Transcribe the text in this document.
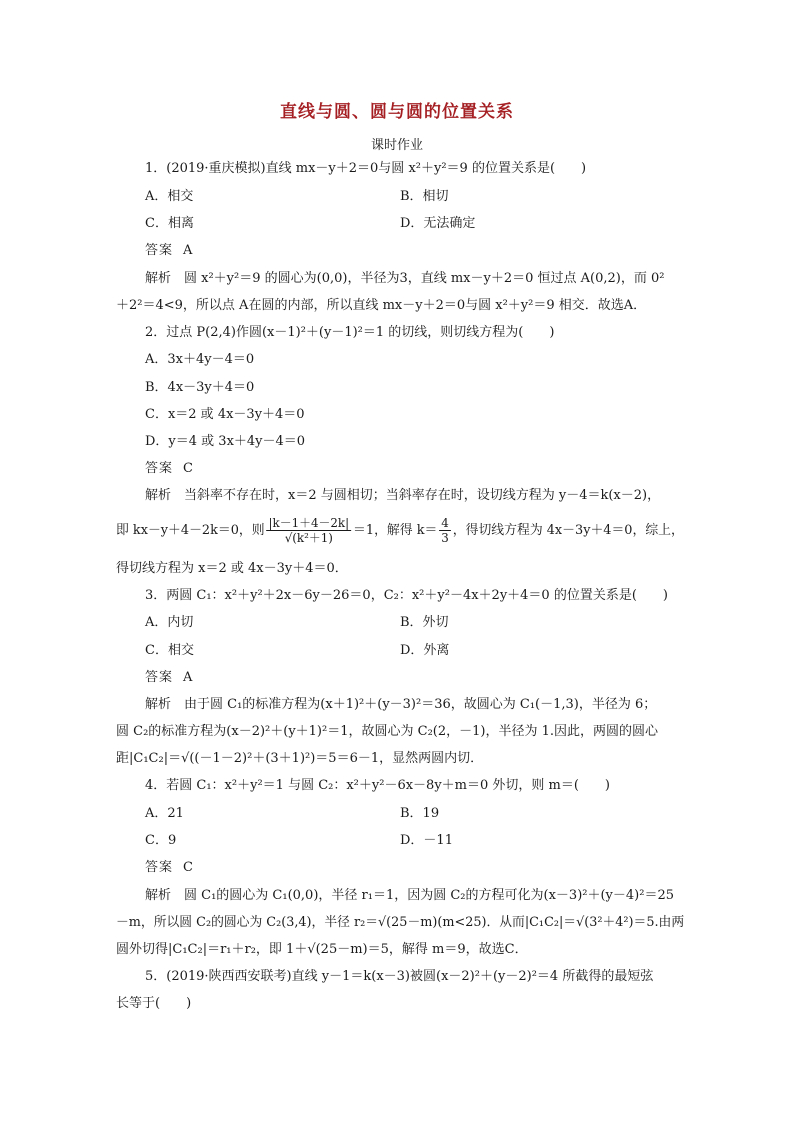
直线与圆、圆与圆的位置关系
课时作业
1．(2019·重庆模拟)直线 mx－y＋2＝0与圆 x²＋y²＝9 的位置关系是(　　)
A．相交	B．相切
C．相离	D．无法确定
答案 A
解析　圆 x²＋y²＝9 的圆心为(0,0)，半径为3，直线 mx－y＋2＝0 恒过点 A(0,2)，而 0²
＋2²＝4<9，所以点 A在圆的内部，所以直线 mx－y＋2＝0与圆 x²＋y²＝9 相交．故选A．
2．过点 P(2,4)作圆(x－1)²＋(y－1)²＝1 的切线，则切线方程为(　　)
A．3x＋4y－4＝0
B．4x－3y＋4＝0
C．x＝2 或 4x－3y＋4＝0
D．y＝4 或 3x＋4y－4＝0
答案 C
解析　当斜率不存在时，x＝2 与圆相切；当斜率存在时，设切线方程为 y－4＝k(x－2)，
即 kx－y＋4－2k＝0，则 $\frac{|k-1+4-2k|}{\text{√(k²＋1)}} =1$，解得 $k= \frac{4}{3}$ ，得切线方程为 4x－3y＋4＝0，综上，
得切线方程为 x＝2 或 4x－3y＋4＝0．
3．两圆 C₁：x²＋y²＋2x－6y－26＝0，C₂：x²＋y²－4x＋2y＋4＝0 的位置关系是(　　)
A．内切	B．外切
C．相交	D．外离
答案 A
解析　由于圆 C₁的标准方程为(x＋1)²＋(y－3)²＝36，故圆心为 C₁(－1,3)，半径为 6；
圆 C₂的标准方程为(x－2)²＋(y＋1)²＝1，故圆心为 C₂(2，－1)，半径为 1.因此，两圆的圆心
距|C₁C₂|＝√((－1－2)²＋(3＋1)²)＝5＝6－1，显然两圆内切．
4．若圆 C₁：x²＋y²＝1 与圆 C₂：x²＋y²－6x－8y＋m＝0 外切，则 m＝(　　)
A．21	B．19
C．9	D．－11
答案 C
解析　圆 C₁的圆心为 C₁(0,0)，半径 r₁＝1，因为圆 C₂的方程可化为(x－3)²＋(y－4)²＝25
－m，所以圆 C₂的圆心为 C₂(3,4)，半径 r₂＝√(25－m)(m<25)．从而|C₁C₂|＝√(3²＋4²)＝5.由两
圆外切得|C₁C₂|＝r₁＋r₂，即 1＋√(25－m)＝5，解得 m＝9，故选C．
5．(2019·陕西西安联考)直线 y－1＝k(x－3)被圆(x－2)²＋(y－2)²＝4 所截得的最短弦
长等于(　　)
